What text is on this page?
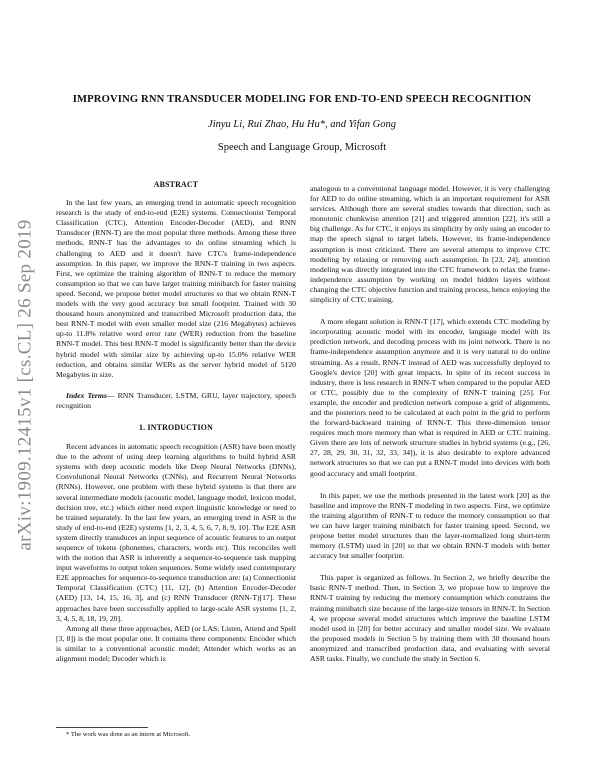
arXiv:1909.12415v1 [cs.CL] 26 Sep 2019
IMPROVING RNN TRANSDUCER MODELING FOR END-TO-END SPEECH RECOGNITION
Jinyu Li, Rui Zhao, Hu Hu*, and Yifan Gong
Speech and Language Group, Microsoft
ABSTRACT

In the last few years, an emerging trend in automatic speech recognition research is the study of end-to-end (E2E) systems. Connectionist Temporal Classification (CTC), Attention Encoder-Decoder (AED), and RNN Transducer (RNN-T) are the most popular three methods. Among these three methods, RNN-T has the advantages to do online streaming which is challenging to AED and it doesn't have CTC's frame-independence assumption. In this paper, we improve the RNN-T training in two aspects. First, we optimize the training algorithm of RNN-T to reduce the memory consumption so that we can have larger training minibatch for faster training speed. Second, we propose better model structures so that we obtain RNN-T models with the very good accuracy but small footprint. Trained with 30 thousand hours anonymized and transcribed Microsoft production data, the best RNN-T model with even smaller model size (216 Megabytes) achieves up-to 11.8% relative word error rate (WER) reduction from the baseline RNN-T model. This best RNN-T model is significantly better than the device hybrid model with similar size by achieving up-to 15.0% relative WER reduction, and obtains similar WERs as the server hybrid model of 5120 Megabytes in size.

Index Terms— RNN Transducer, LSTM, GRU, layer trajectory, speech recognition

1. INTRODUCTION

Recent advances in automatic speech recognition (ASR) have been mostly due to the advent of using deep learning algorithms to build hybrid ASR systems with deep acoustic models like Deep Neural Networks (DNNs), Convolutional Neural Networks (CNNs), and Recurrent Neural Networks (RNNs). However, one problem with these hybrid systems is that there are several intermediate models (acoustic model, language model, lexicon model, decision tree, etc.) which either need expert linguistic knowledge or need to be trained separately. In the last few years, an emerging trend in ASR is the study of end-to-end (E2E) systems [1, 2, 3, 4, 5, 6, 7, 8, 9, 10]. The E2E ASR system directly transduces an input sequence of acoustic features to an output sequence of tokens (phonemes, characters, words etc). This reconciles well with the notion that ASR is inherently a sequence-to-sequence task mapping input waveforms to output token sequences. Some widely used contemporary E2E approaches for sequence-to-sequence transduction are: (a) Connectionist Temporal Classification (CTC) [11, 12], (b) Attention Encoder-Decoder (AED) [13, 14, 15, 16, 3], and (c) RNN Transducer (RNN-T)[17]. These approaches have been successfully applied to large-scale ASR systems [1, 2, 3, 4, 5, 8, 18, 19, 20].

Among all these three approaches, AED (or LAS: Listen, Attend and Spell [3, 8]) is the most popular one. It contains three components: Encoder which is similar to a conventional acoustic model; Attender which works as an alignment model; Decoder which is

* The work was done as an intern at Microsoft.

analogous to a conventional language model. However, it is very challenging for AED to do online streaming, which is an important requirement for ASR services. Although there are several studies towards that direction, such as monotonic chunkwise attention [21] and triggered attention [22], it's still a big challenge. As for CTC, it enjoys its simplicity by only using an encoder to map the speech signal to target labels. However, its frame-independence assumption is most criticized. There are several attempts to improve CTC modeling by relaxing or removing such assumption. In [23, 24], attention modeling was directly integrated into the CTC framework to relax the frame-independence assumption by working on model hidden layers without changing the CTC objective function and training process, hence enjoying the simplicity of CTC training.

A more elegant solution is RNN-T [17], which extends CTC modeling by incorporating acoustic model with its encoder, language model with its prediction network, and decoding process with its joint network. There is no frame-independence assumption anymore and it is very natural to do online streaming. As a result, RNN-T instead of AED was successfully deployed to Google's device [20] with great impacts. In spite of its recent success in industry, there is less research in RNN-T when compared to the popular AED or CTC, possibly due to the complexity of RNN-T training [25]. For example, the encoder and prediction network compose a grid of alignments, and the posteriors need to be calculated at each point in the grid to perform the forward-backward training of RNN-T. This three-dimension tensor requires much more memory than what is required in AED or CTC training. Given there are lots of network structure studies in hybrid systems (e.g., [26, 27, 28, 29, 30, 31, 32, 33, 34]), it is also desirable to explore advanced network structures so that we can put a RNN-T model into devices with both good accuracy and small footprint.

In this paper, we use the methods presented in the latest work [20] as the baseline and improve the RNN-T modeling in two aspects. First, we optimize the training algorithm of RNN-T to reduce the memory consumption so that we can have larger training minibatch for faster training speed. Second, we propose better model structures than the layer-normalized long short-term memory (LSTM) used in [20] so that we obtain RNN-T models with better accuracy but smaller footprint.

This paper is organized as follows. In Section 2, we briefly describe the basic RNN-T method. Then, in Section 3, we propose how to improve the RNN-T training by reducing the memory consumption which constrains the training minibatch size because of the large-size tensors in RNN-T. In Section 4, we propose several model structures which improve the baseline LSTM model used in [20] for better accuracy and smaller model size. We evaluate the proposed models in Section 5 by training them with 30 thousand hours anonymized and transcribed production data, and evaluating with several ASR tasks. Finally, we conclude the study in Section 6.
